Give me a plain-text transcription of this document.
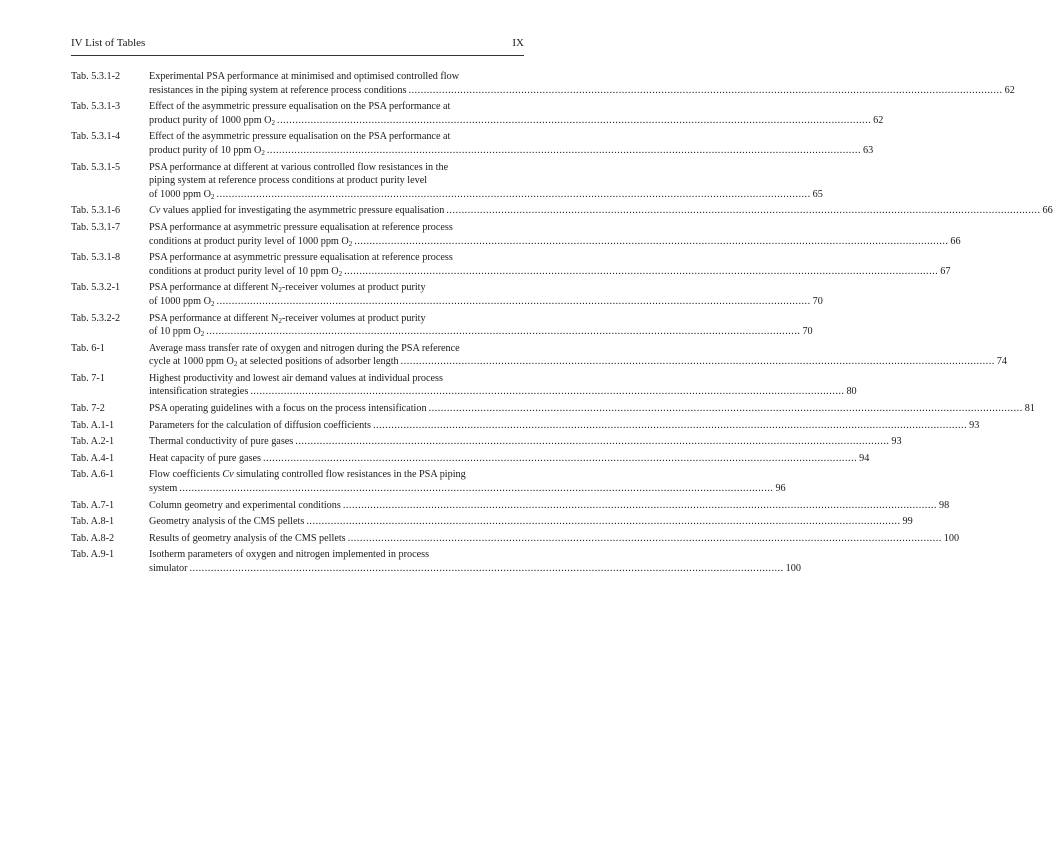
IV List of Tables	IX
Tab. 5.3.1-2	Experimental PSA performance at minimised and optimised controlled flow
resistances in the piping system at reference process conditions .....	62
Tab. 5.3.1-3	Effect of the asymmetric pressure equalisation on the PSA performance at
product purity of 1000 ppm $O_2$ .....	62
Tab. 5.3.1-4	Effect of the asymmetric pressure equalisation on the PSA performance at
product purity of 10 ppm $O_2$ .....	63
Tab. 5.3.1-5	PSA performance at different at various controlled flow resistances in the
piping system at reference process conditions at product purity level
of 1000 ppm $O_2$ .....	65
Tab. 5.3.1-6	Cv values applied for investigating the asymmetric pressure equalisation .....	66
Tab. 5.3.1-7	PSA performance at asymmetric pressure equalisation at reference process
conditions at product purity level of 1000 ppm $O_2$ .....	66
Tab. 5.3.1-8	PSA performance at asymmetric pressure equalisation at reference process
conditions at product purity level of 10 ppm $O_2$ .....	67
Tab. 5.3.2-1	PSA performance at different $N_2$-receiver volumes at product purity
of 1000 ppm $O_2$ .....	70
Tab. 5.3.2-2	PSA performance at different $N_2$-receiver volumes at product purity
of 10 ppm $O_2$ .....	70
Tab. 6-1	Average mass transfer rate of oxygen and nitrogen during the PSA reference
cycle at 1000 ppm $O_2$ at selected positions of adsorber length .....	74
Tab. 7-1	Highest productivity and lowest air demand values at individual process
intensification strategies .....	80
Tab. 7-2	PSA operating guidelines with a focus on the process intensification .....	81
Tab. A.1-1	Parameters for the calculation of diffusion coefficients .....	93
Tab. A.2-1	Thermal conductivity of pure gases .....	93
Tab. A.4-1	Heat capacity of pure gases .....	94
Tab. A.6-1	Flow coefficients Cv simulating controlled flow resistances in the PSA piping
system .....	96
Tab. A.7-1	Column geometry and experimental conditions .....	98
Tab. A.8-1	Geometry analysis of the CMS pellets .....	99
Tab. A.8-2	Results of geometry analysis of the CMS pellets .....	100
Tab. A.9-1	Isotherm parameters of oxygen and nitrogen implemented in process
simulator .....	100
